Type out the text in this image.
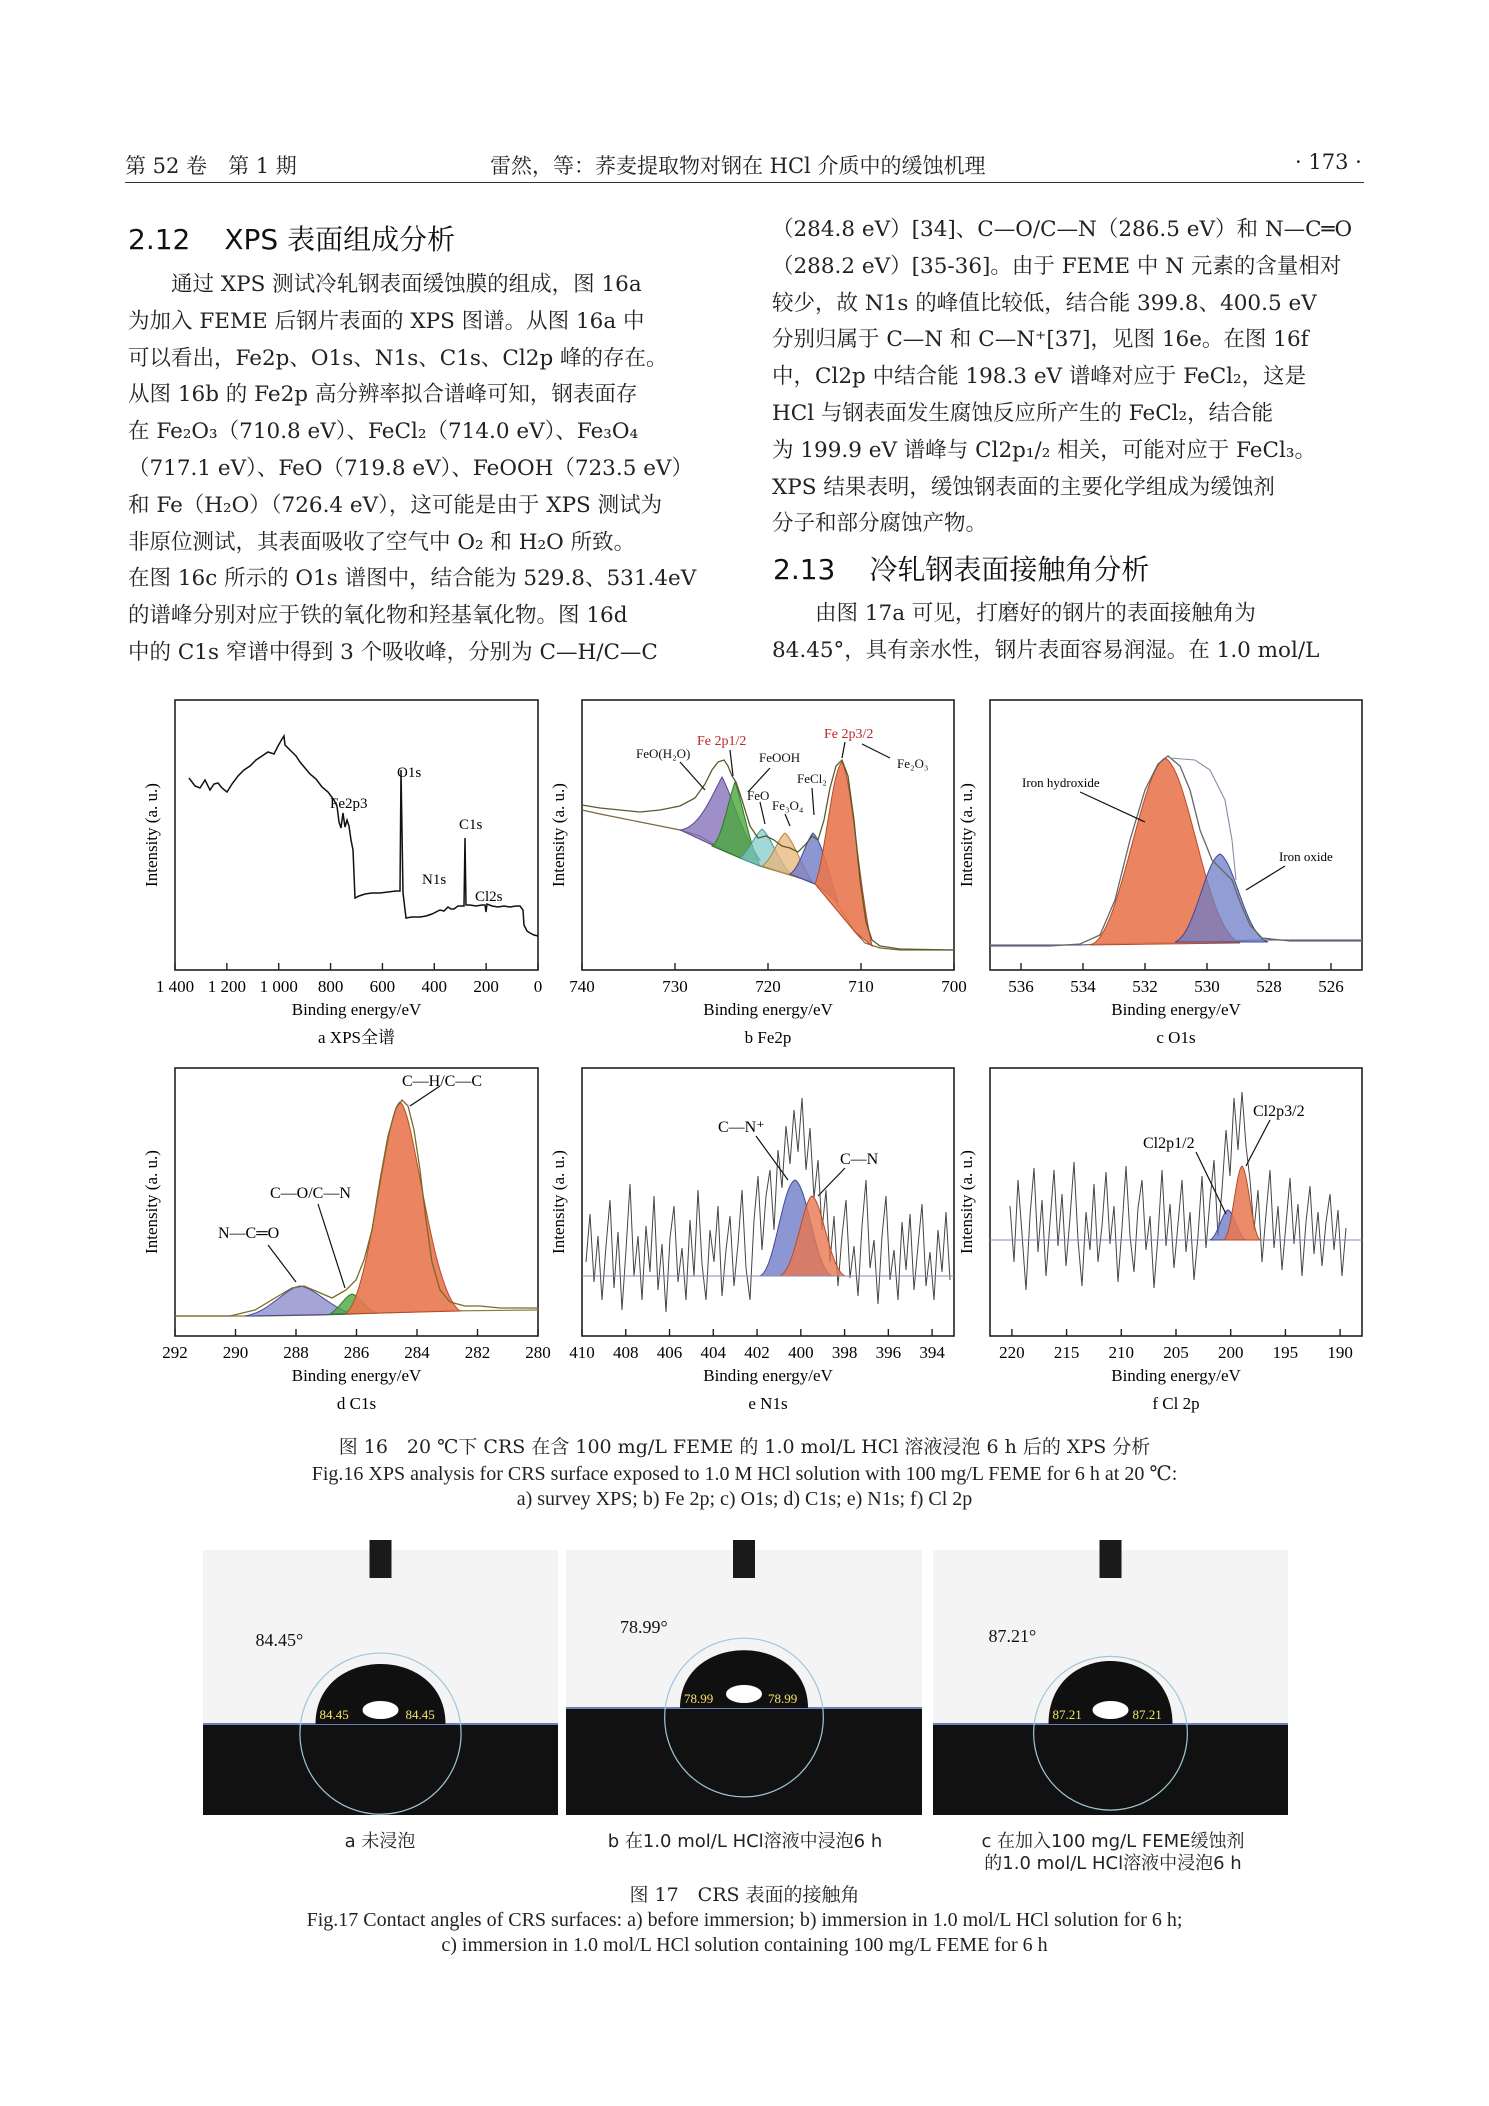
第 52 卷　第 1 期	雷然，等：荞麦提取物对钢在 HCl 介质中的缓蚀机理	· 173 ·
2.12 XPS 表面组成分析

通过 XPS 测试冷轧钢表面缓蚀膜的组成，图 16a

为加入 FEME 后钢片表面的 XPS 图谱。从图 16a 中

可以看出，Fe2p、O1s、N1s、C1s、Cl2p 峰的存在。

从图 16b 的 Fe2p 高分辨率拟合谱峰可知，钢表面存

在 Fe₂O₃（710.8 eV）、FeCl₂（714.0 eV）、Fe₃O₄

（717.1 eV）、FeO（719.8 eV）、FeOOH（723.5 eV）

和 Fe（H₂O）（726.4 eV），这可能是由于 XPS 测试为

非原位测试，其表面吸收了空气中 O₂ 和 H₂O 所致。

在图 16c 所示的 O1s 谱图中，结合能为 529.8、531.4eV

的谱峰分别对应于铁的氧化物和羟基氧化物。图 16d

中的 C1s 窄谱中得到 3 个吸收峰，分别为 C—H/C—C

（284.8 eV）[34]、C—O/C—N（286.5 eV）和 N—C═O

（288.2 eV）[35-36]。由于 FEME 中 N 元素的含量相对

较少，故 N1s 的峰值比较低，结合能 399.8、400.5 eV

分别归属于 C—N 和 C—N⁺[37]，见图 16e。在图 16f

中，Cl2p 中结合能 198.3 eV 谱峰对应于 FeCl₂，这是

HCl 与钢表面发生腐蚀反应所产生的 FeCl₂，结合能

为 199.9 eV 谱峰与 Cl2p₁/₂ 相关，可能对应于 FeCl₃。

XPS 结果表明，缓蚀钢表面的主要化学组成为缓蚀剂

分子和部分腐蚀产物。

2.13 冷轧钢表面接触角分析

由图 17a 可见，打磨好的钢片的表面接触角为

84.45°，具有亲水性，钢片表面容易润湿。在 1.0 mol/L

Fe2p3
O1s
N1s
C1s
Cl2s
FeO(H₂O)
Fe 2p1/2
FeOOH
FeO
Fe₃O₄
FeCl₂
Fe 2p3/2
Fe₂O₃
Iron hydroxide
Iron oxide
C—H/C—C
C—O/C—N
N—C═O
C—N⁺
C—N
Cl2p1/2
Cl2p3/2
1 400 1 200 1 000 800 600 400 200 0 740	730	720	710	700 536 534 532 530 528 526
292 290 288 286 284 282 280 410 408 406 404 402 400 398 396 394	220 215 210 205 200 195 190
Binding energy/eV
a XPS全谱
Intensity (a. u.)
Binding energy/eV
b Fe2p
Intensity (a. u.)
Binding energy/eV
c O1s
Intensity (a. u.)
Binding energy/eV
d C1s
Intensity (a. u.)
Binding energy/eV
e N1s
Intensity (a. u.)
Binding energy/eV
f Cl 2p
Intensity (a. u.)
图 16　20 ℃下 CRS 在含 100 mg/L FEME 的 1.0 mol/L HCl 溶液浸泡 6 h 后的 XPS 分析
Fig.16 XPS analysis for CRS surface exposed to 1.0 M HCl solution with 100 mg/L FEME for 6 h at 20 ℃:
a) survey XPS; b) Fe 2p; c) O1s; d) C1s; e) N1s; f) Cl 2p
84.45	84.45
84.45°
78.99	78.99
78.99°
87.21	87.21
87.21°
a 未浸泡	b 在1.0 mol/L HCl溶液中浸泡6 h	c 在加入100 mg/L FEME缓蚀剂
的1.0 mol/L HCl溶液中浸泡6 h
图 17　CRS 表面的接触角
Fig.17 Contact angles of CRS surfaces: a) before immersion; b) immersion in 1.0 mol/L HCl solution for 6 h;
c) immersion in 1.0 mol/L HCl solution containing 100 mg/L FEME for 6 h
